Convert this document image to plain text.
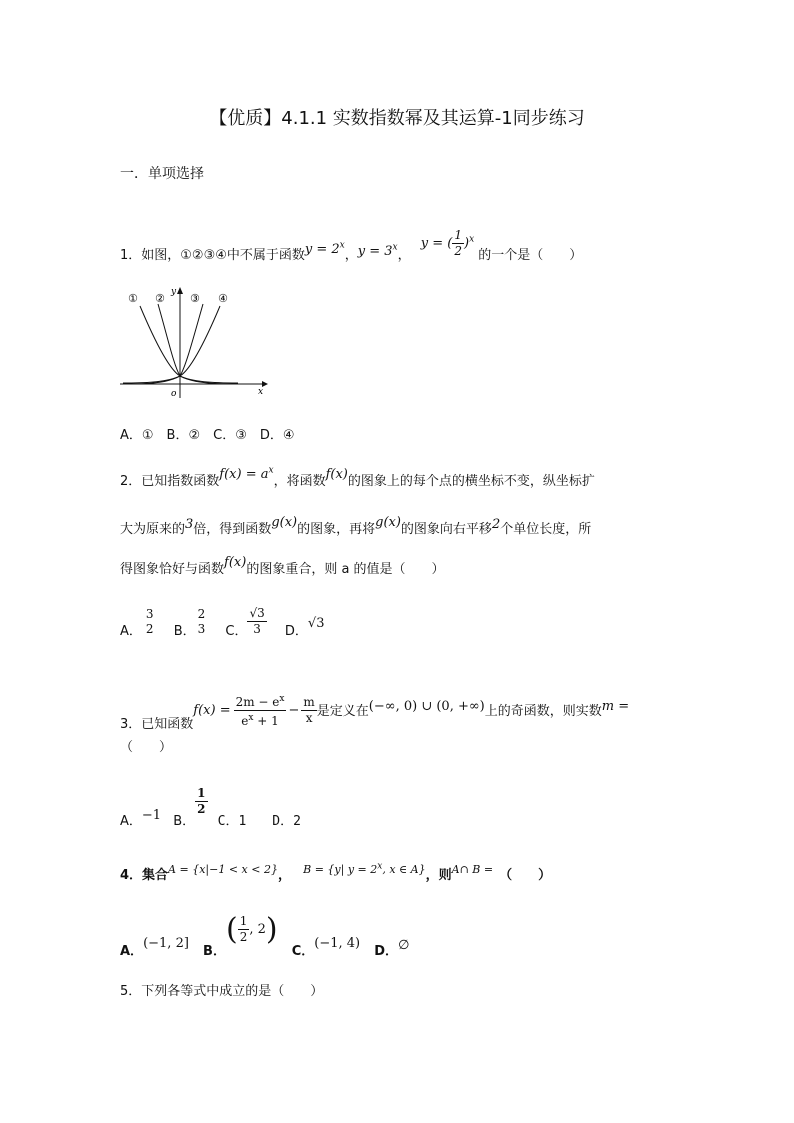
【优质】4.1.1 实数指数幂及其运算-1同步练习
一．单项选择
1．如图，①②③④中不属于函数$y = 2^x$，$y = 3^x$， y = ( $\frac{1}{2} )^x$ 的一个是（　　）
① ② ③ ④
y
x
o
A．①　B．②　C．③　D．④
2．已知指数函数$f(x) = a^x$，将函数f(x)的图象上的每个点的横坐标不变，纵坐标扩
大为原来的3倍，得到函数g(x)的图象，再将g(x)的图象向右平移2个单位长度，所
得图象恰好与函数f(x)的图象重合，则 a 的值是（　　）
A．
3
2 B．
2
3 C． $\frac{√3}{3}$ D．√3
3．已知函数$f(x) = \frac{2m - e^x}{e^x + 1} - \frac{m}{x}$ 是定义在(−∞, 0) ∪ (0, +∞)上的奇函数，则实数m =
（　　）
A．−1 B．
$\frac{1}{2}$
C．1　　D．2
4．集合A = {x|−1 < x < 2}， B = {y| $y = 2^x$, x ∈ A}，则A∩ B = （　　）
A．(−1, 2] B．( $\frac{1}{2}$ , 2) C．(−1, 4) D．∅
5．下列各等式中成立的是（　　）
